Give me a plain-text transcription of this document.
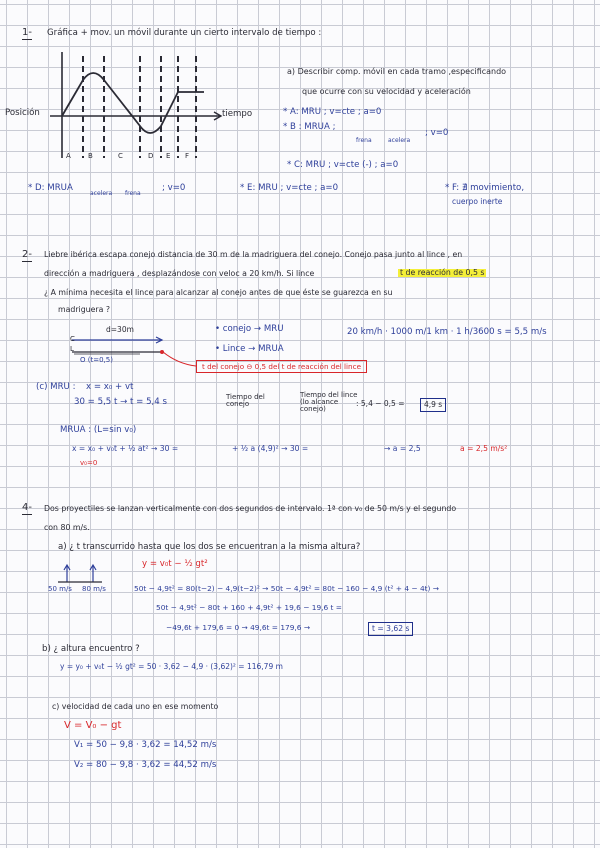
1- Gráfica + mov. un móvil durante un cierto intervalo de tiempo :
Posición	tiempo
A B	C	D E F
a) Describir comp. móvil en cada tramo ,especificando
que ocurre con su velocidad y aceleración
* A: MRU ; v=cte ; a=0
* B : MRUA ;
frena	acelera
; v=0
* C: MRU ; v=cte (-) ; a=0
* D: MRUA
acelera frena
; v=0	* E: MRU ; v=cte ; a=0	* F: ∄ movimiento,
cuerpo inerte
2- Liebre ibérica escapa conejo distancia de 30 m de la madriguera del conejo. Conejo pasa junto al lince , en
dirección a madriguera , desplazándose con veloc a 20 km/h. Si lince	t de reacción de 0,5 s
¿ A mínima necesita el lince para alcanzar al conejo antes de que éste se guarezca en su
madriguera ?
d=30m
C
L
O (t=0,5)
• conejo → MRU
• Lince → MRUA
20 km/h · 1000 m/1 km · 1 h/3600 s = 5,5 m/s
t del conejo ⊖ 0,5 del t de reacción del lince
(c) MRU : x = x₀ + vt
30 = 5,5 t → t = 5,4 s	Tiempo del conejo
Tiempo del lince (lo alcance conejo)
: 5,4 − 0,5 =	4,9 s
MRUA : (L=sin v₀)
x = x₀ + v₀t + ½ at² → 30 =	+ ½ a (4,9)² → 30 =	→ a = 2,5	a = 2,5 m/s²
v₀=0
4- Dos proyectiles se lanzan verticalmente con dos segundos de intervalo. 1ª con v₀ de 50 m/s y el segundo
con 80 m/s.
a) ¿ t transcurrido hasta que los dos se encuentran a la misma altura?
y = v₀t − ½ gt²
50 m/s 80 m/s	50t − 4,9t² = 80(t−2) − 4,9(t−2)² → 50t − 4,9t² = 80t − 160 − 4,9 (t² + 4 − 4t) →
50t − 4,9t² − 80t + 160 + 4,9t² + 19,6 − 19,6 t =
−49,6t + 179,6 = 0 → 49,6t = 179,6 →	t = 3,62 s
b) ¿ altura encuentro ?
y = y₀ + v₀t − ½ gt² = 50 · 3,62 − 4,9 · (3,62)² = 116,79 m
c) velocidad de cada uno en ese momento
V = V₀ − gt
V₁ = 50 − 9,8 · 3,62 = 14,52 m/s
V₂ = 80 − 9,8 · 3,62 = 44,52 m/s
